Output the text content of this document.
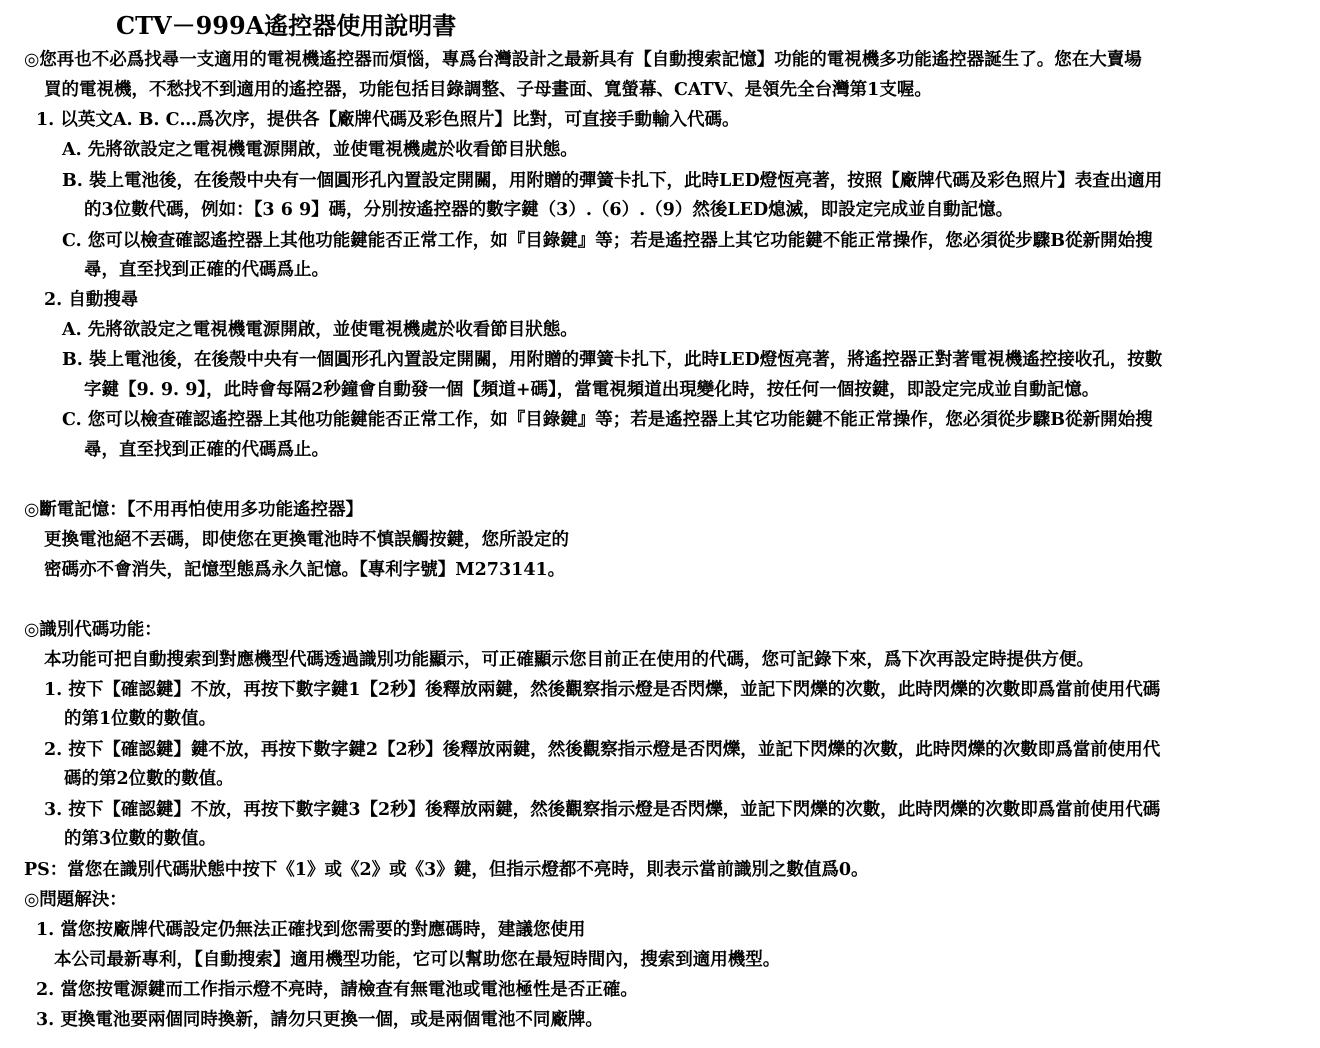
CTV－999A遙控器使用說明書
◎您再也不必爲找尋一支適用的電視機遙控器而煩惱，專爲台灣設計之最新具有【自動搜索記憶】功能的電視機多功能遙控器誕生了。您在大賣場
買的電視機，不愁找不到適用的遙控器，功能包括目錄調整、子母畫面、寬螢幕、CATV、是領先全台灣第1支喔。
1. 以英文A. B. C…爲次序，提供各【廠牌代碼及彩色照片】比對，可直接手動輸入代碼。
A. 先將欲設定之電視機電源開啟，並使電視機處於收看節目狀態。
B. 裝上電池後，在後殼中央有一個圓形孔內置設定開關，用附贈的彈簧卡扎下，此時LED燈恆亮著，按照【廠牌代碼及彩色照片】表查出適用
的3位數代碼，例如：【3 6 9】碼，分別按遙控器的數字鍵（3）.（6）.（9）然後LED熄滅，即設定完成並自動記憶。
C. 您可以檢查確認遙控器上其他功能鍵能否正常工作，如『目錄鍵』等；若是遙控器上其它功能鍵不能正常操作，您必須從步驟B從新開始搜
尋，直至找到正確的代碼爲止。
2. 自動搜尋
A. 先將欲設定之電視機電源開啟，並使電視機處於收看節目狀態。
B. 裝上電池後，在後殼中央有一個圓形孔內置設定開關，用附贈的彈簧卡扎下，此時LED燈恆亮著，將遙控器正對著電視機遙控接收孔，按數
字鍵【9. 9. 9】，此時會每隔2秒鐘會自動發一個【頻道+碼】，當電視頻道出現變化時，按任何一個按鍵，即設定完成並自動記憶。
C. 您可以檢查確認遙控器上其他功能鍵能否正常工作，如『目錄鍵』等；若是遙控器上其它功能鍵不能正常操作，您必須從步驟B從新開始搜
尋，直至找到正確的代碼爲止。
◎斷電記憶：【不用再怕使用多功能遙控器】
更換電池絕不丟碼，即使您在更換電池時不慎誤觸按鍵，您所設定的
密碼亦不會消失，記憶型態爲永久記憶。【專利字號】M273141。
◎識別代碼功能：
本功能可把自動搜索到對應機型代碼透過識別功能顯示，可正確顯示您目前正在使用的代碼，您可記錄下來，爲下次再設定時提供方便。
1. 按下【確認鍵】不放，再按下數字鍵1【2秒】後釋放兩鍵，然後觀察指示燈是否閃爍，並記下閃爍的次數，此時閃爍的次數即爲當前使用代碼
的第1位數的數值。
2. 按下【確認鍵】鍵不放，再按下數字鍵2【2秒】後釋放兩鍵，然後觀察指示燈是否閃爍，並記下閃爍的次數，此時閃爍的次數即爲當前使用代
碼的第2位數的數值。
3. 按下【確認鍵】不放，再按下數字鍵3【2秒】後釋放兩鍵，然後觀察指示燈是否閃爍，並記下閃爍的次數，此時閃爍的次數即爲當前使用代碼
的第3位數的數值。
PS：當您在識別代碼狀態中按下《1》或《2》或《3》鍵，但指示燈都不亮時，則表示當前識別之數值爲0。
◎問題解決：
1. 當您按廠牌代碼設定仍無法正確找到您需要的對應碼時，建議您使用
本公司最新專利，【自動搜索】適用機型功能，它可以幫助您在最短時間內，搜索到適用機型。
2. 當您按電源鍵而工作指示燈不亮時，請檢查有無電池或電池極性是否正確。
3. 更換電池要兩個同時換新，請勿只更換一個，或是兩個電池不同廠牌。
